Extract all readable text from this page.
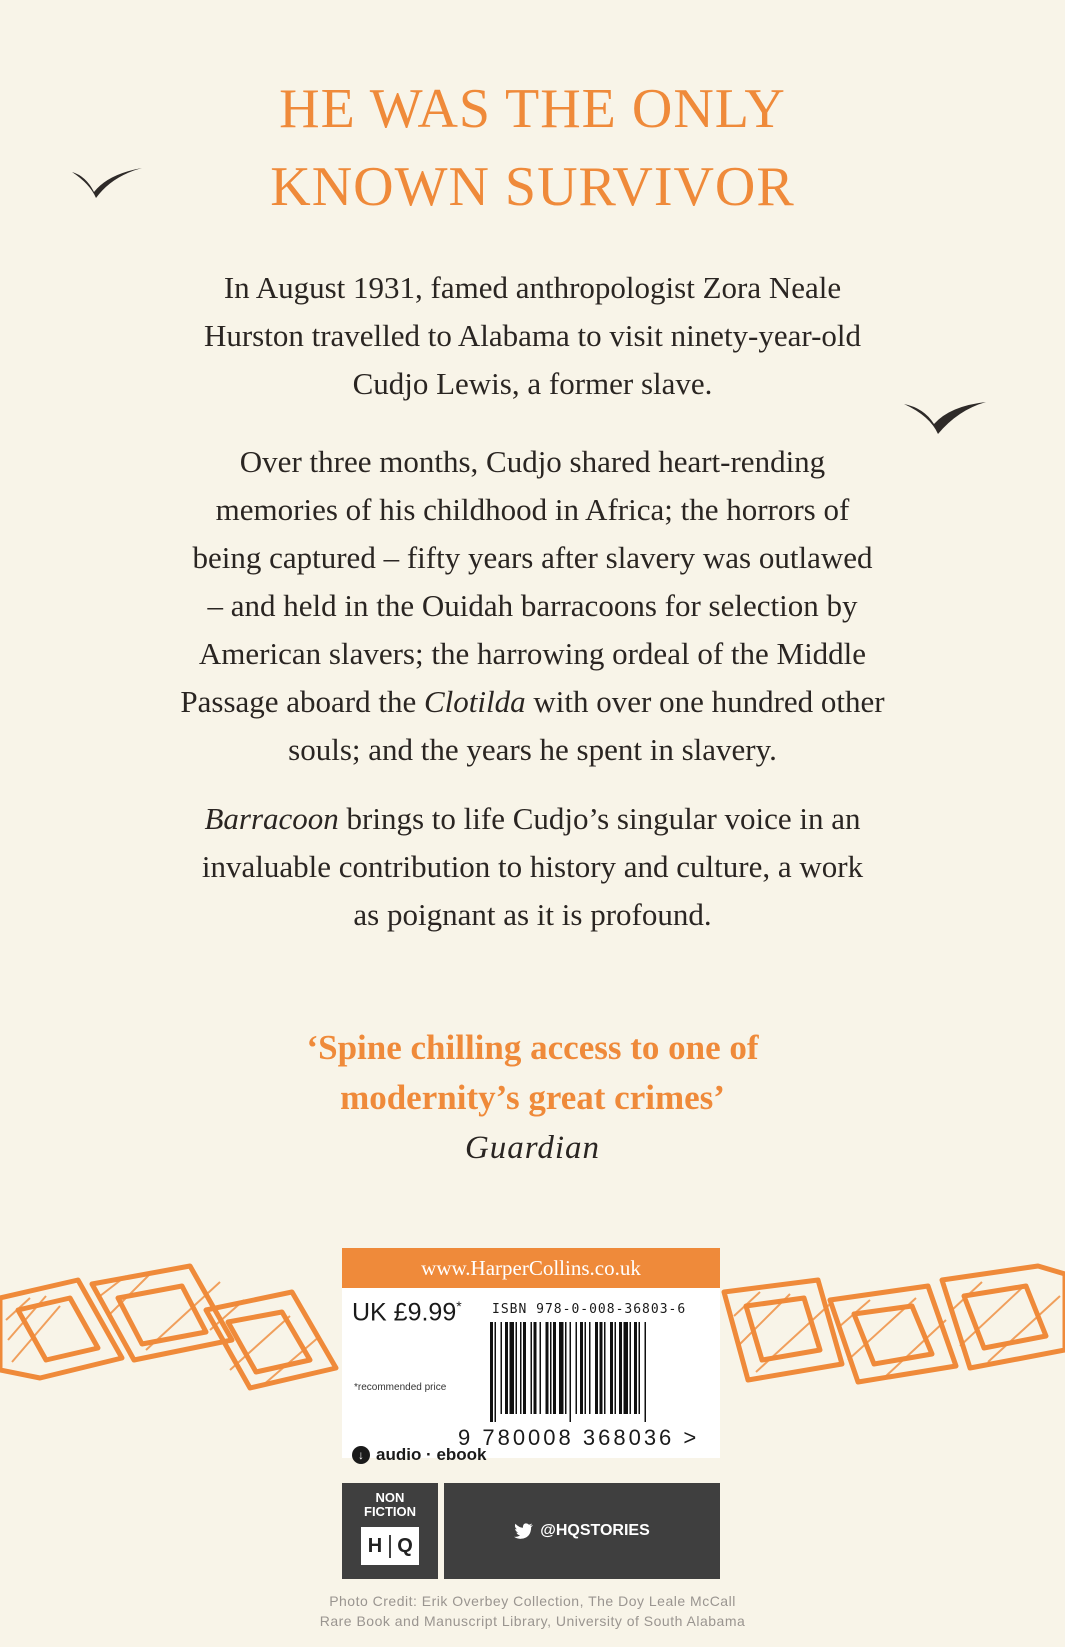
HE WAS THE ONLY
KNOWN SURVIVOR
In August 1931, famed anthropologist Zora Neale
Hurston travelled to Alabama to visit ninety-year-old
Cudjo Lewis, a former slave.
Over three months, Cudjo shared heart-rending
memories of his childhood in Africa; the horrors of
being captured – fifty years after slavery was outlawed
– and held in the Ouidah barracoons for selection by
American slavers; the harrowing ordeal of the Middle
Passage aboard the Clotilda with over one hundred other
souls; and the years he spent in slavery.
Barracoon brings to life Cudjo’s singular voice in an
invaluable contribution to history and culture, a work
as poignant as it is profound.
‘Spine chilling access to one of
modernity’s great crimes’
Guardian
www.HarperCollins.co.uk
UK £9.99* ISBN 978-0-008-36803-6
*recommended price
9 780008 368036 >
↓ audio · ebook
NON
FICTION
H Q
@HQSTORIES
Photo Credit: Erik Overbey Collection, The Doy Leale McCall
Rare Book and Manuscript Library, University of South Alabama
